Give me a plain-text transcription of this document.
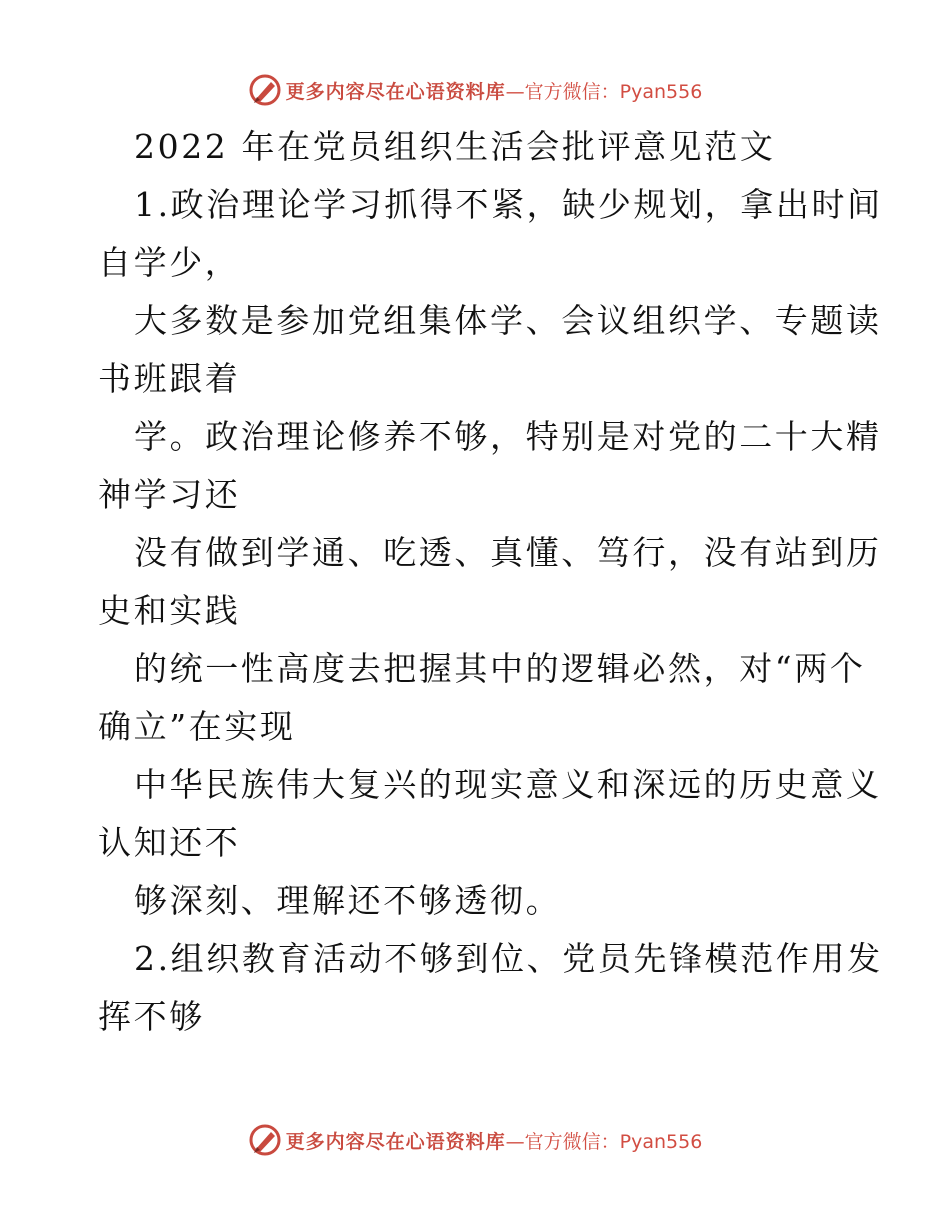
更多内容尽在心语资料库 —官方微信：Pyan556
2022 年在党员组织生活会批评意见范文
1.政治理论学习抓得不紧，缺少规划，拿出时间
自学少，
大多数是参加党组集体学、会议组织学、专题读
书班跟着
学。政治理论修养不够，特别是对党的二十大精
神学习还
没有做到学通、吃透、真懂、笃行，没有站到历
史和实践
的统一性高度去把握其中的逻辑必然，对“两个
确立”在实现
中华民族伟大复兴的现实意义和深远的历史意义
认知还不
够深刻、理解还不够透彻。
2.组织教育活动不够到位、党员先锋模范作用发
挥不够
更多内容尽在心语资料库 —官方微信：Pyan556
